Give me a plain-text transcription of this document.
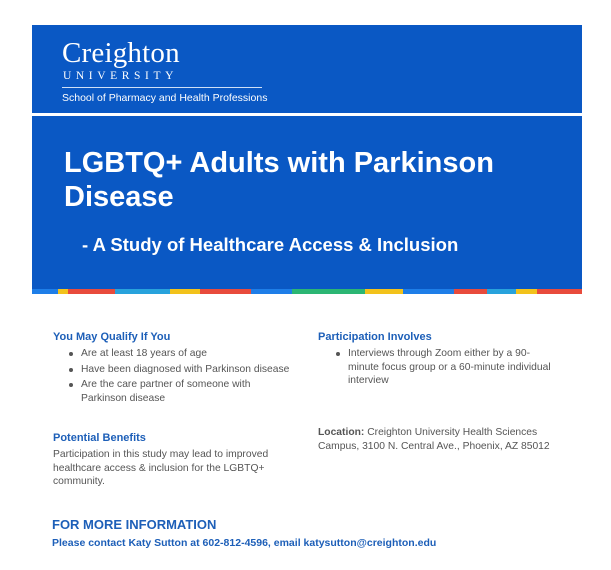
Creighton
UNIVERSITY
School of Pharmacy and Health Professions
LGBTQ+ Adults with Parkinson Disease
- A Study of Healthcare Access & Inclusion
You May Qualify If You
Are at least 18 years of age
Have been diagnosed with Parkinson disease
Are the care partner of someone with Parkinson disease
Potential Benefits

Participation in this study may lead to improved healthcare access & inclusion for the LGBTQ+ community.

Participation Involves
Interviews through Zoom either by a 90-minute focus group or a 60-minute individual interview

Location: Creighton University Health Sciences Campus, 3100 N. Central Ave., Phoenix, AZ 85012

FOR MORE INFORMATION

Please contact Katy Sutton at 602-812-4596, email katysutton@creighton.edu
